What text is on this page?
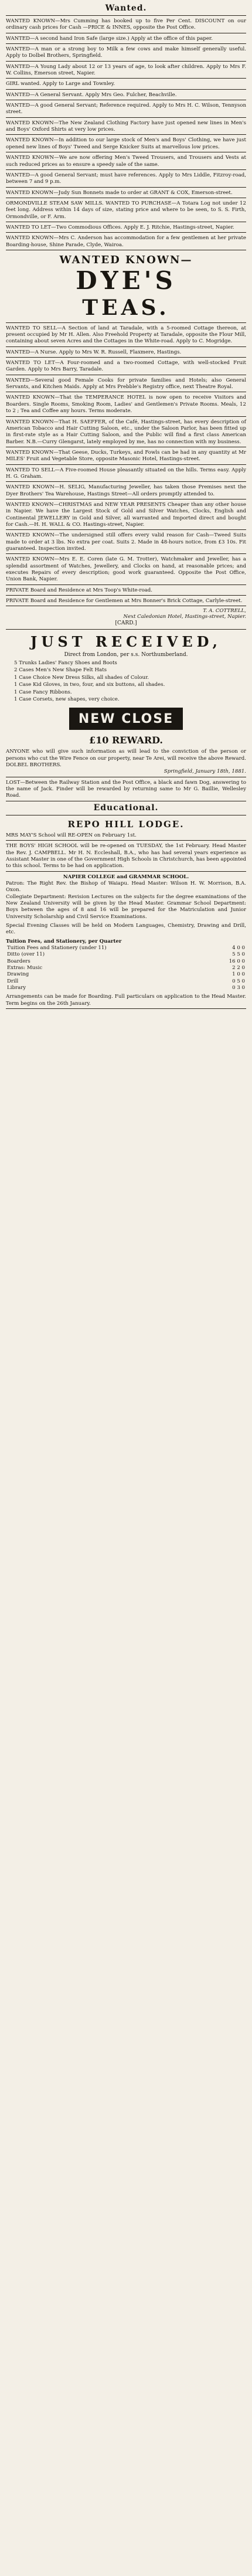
Wanted.
WANTED KNOWN—Mrs Cumming has booked up to five Per Cent. DISCOUNT on our ordinary cash prices for Cash —PRICE & INNES, opposite the Post Office.
WANTED—A second hand Iron Safe (large size.) Apply at the office of this paper.
WANTED—A man or a strong boy to Milk a few cows and make himself generally useful. Apply to Dolbel Brothers, Springfield.
WANTED—A Young Lady about 12 or 13 years of age, to look after children. Apply to Mrs F. W. Collins, Emerson street, Napier.
GIRL wanted. Apply to Large and Townley.
WANTED—A General Servant. Apply Mrs Geo. Fulcher, Beachville.
WANTED—A good General Servant; Reference required. Apply to Mrs H. C. Wilson, Tennyson street.
WANTED KNOWN—The New Zealand Clothing Factory have just opened new lines in Men's and Boys' Oxford Shirts at very low prices.
WANTED KNOWN—In addition to our large stock of Men's and Boys' Clothing, we have just opened new lines of Boys' Tweed and Serge Knicker Suits at marvellous low prices.
WANTED KNOWN—We are now offering Men's Tweed Trousers, and Trousers and Vests at such reduced prices as to ensure a speedy sale of the same.
WANTED—A good General Servant; must have references. Apply to Mrs Liddle, Fitzroy-road, between 7 and 9 p.m.
WANTED KNOWN—Judy Sun Bonnets made to order at GRANT & COX, Emerson-street.
ORMONDVILLE STEAM SAW MILLS. WANTED TO PURCHASE—A Totara Log not under 12 feet long. Address within 14 days of size, stating price and where to be seen, to S. S. Firth, Ormondville, or F. Arm.
WANTED TO LET—Two Commodious Offices. Apply E. J. Ritchie, Hastings-street, Napier.
WANTED KNOWN—Mrs C. Anderson has accommodation for a few gentlemen at her private Boarding-house, Shine Parade, Clyde, Wairoa.
WANTED KNOWN—
DYE'S
TEAS.
WANTED TO SELL—A Section of land at Taradale, with a 5-roomed Cottage thereon, at present occupied by Mr H. Allen. Also Freehold Property at Taradale, opposite the Flour Mill, containing about seven Acres and the Cottages in the White-road. Apply to C. Mogridge.
WANTED—A Nurse. Apply to Mrs W. R. Russell, Flaxmere, Hastings.
WANTED TO LET—A Four-roomed and a two-roomed Cottage, with well-stocked Fruit Garden. Apply to Mrs Barry, Taradale.
WANTED—Several good Female Cooks for private families and Hotels; also General Servants, and Kitchen Maids. Apply at Mrs Prebble's Registry office, next Theatre Royal.
WANTED KNOWN—That the TEMPERANCE HOTEL is now open to receive Visitors and Boarders. Single Rooms, Smoking Room, Ladies' and Gentlemen's Private Rooms. Meals, 12 to 2 ; Tea and Coffee any hours. Terms moderate.
WANTED KNOWN—That H. SAEFFER, of the Café, Hastings-street, has every description of American Tobacco and Hair Cutting Saloon, etc., under the Saloon Parlor, has been fitted up in first-rate style as a Hair Cutting Saloon, and the Public will find a first class American Barber. N.B.—Curry Glengarst, lately employed by me, has no connection with my business.
WANTED KNOWN—That Geese, Ducks, Turkeys, and Fowls can be had in any quantity at Mr MILES' Fruit and Vegetable Store, opposite Masonic Hotel, Hastings-street.
WANTED TO SELL—A Five-roomed House pleasantly situated on the hills. Terms easy. Apply H. G. Graham.
WANTED KNOWN—H. SELIG, Manufacturing Jeweller, has taken those Premises next the Dyer Brothers' Tea Warehouse, Hastings Street—All orders promptly attended to.
WANTED KNOWN—CHRISTMAS and NEW YEAR PRESENTS Cheaper than any other house in Napier. We have the Largest Stock of Gold and Silver Watches, Clocks, English and Continental JEWELLERY in Gold and Silver, all warranted and Imported direct and bought for Cash.—H. H. WALL & CO. Hastings-street, Napier.
WANTED KNOWN—The undersigned still offers every valid reason for Cash—Tweed Suits made to order at 3 lbs. No extra per coat. Suits 2. Made in 48-hours notice, from £3 10s. Fit guaranteed. Inspection invited.
WANTED KNOWN—Mrs E. E. Coren (late G. M. Trotter), Watchmaker and Jeweller, has a splendid assortment of Watches, Jewellery, and Clocks on hand, at reasonable prices; and executes Repairs of every description; good work guaranteed. Opposite the Post Office, Union Bank, Napier.
PRIVATE Board and Residence at Mrs Toop's White-road.
PRIVATE Board and Residence for Gentlemen at Mrs Bonner's Brick Cottage, Carlyle-street.
T. A. COTTRELL,
Next Caledonian Hotel, Hastings-street, Napier.
[CARD.]
JUST RECEIVED,
Direct from London, per s.s. Northumberland.
5 Trunks Ladies' Fancy Shoes and Boots
2 Cases Men's New Shape Felt Hats
1 Case Choice New Dress Silks, all shades of Colour.
1 Case Kid Gloves, in two, four, and six buttons, all shades.
1 Case Fancy Ribbons.
1 Case Corsets, new shapes, very choice.
NEW CLOSE
£10 REWARD.
ANYONE who will give such information as will lead to the conviction of the person or persons who cut the Wire Fence on our property, near Te Arei, will receive the above Reward. DOLBEL BROTHERS.
Springfield, January 18th, 1881.
LOST—Between the Railway Station and the Post Office, a black and fawn Dog, answering to the name of Jack. Finder will be rewarded by returning same to Mr G. Baillie, Wellesley Road.
Educational.
REPO HILL LODGE.
MRS MAY'S School will RE-OPEN on February 1st.
THE BOYS' HIGH SCHOOL will be re-opened on TUESDAY, the 1st February. Head Master the Rev. J. CAMPBELL. Mr H. N. Eccleshall, B.A., who has had several years experience as Assistant Master in one of the Government High Schools in Christchurch, has been appointed to this school. Terms to be had on application.
NAPIER COLLEGE and GRAMMAR SCHOOL.
Patron: The Right Rev. the Bishop of Waiapu. Head Master: Wilson H. W. Morrison, B.A. Oxon.
Collegiate Department: Revision Lectures on the subjects for the degree examinations of the New Zealand University will be given by the Head Master. Grammar School Department: Boys between the ages of 8 and 16 will be prepared for the Matriculation and Junior University Scholarship and Civil Service Examinations.
Special Evening Classes will be held on Modern Languages, Chemistry, Drawing and Drill, etc.
Tuition Fees, and Stationery, per Quarter
Tuition Fees and Stationery (under 11)	4 0 0
Ditto (over 11)	5 5 0
Boarders	16 0 0
Extras: Music	2 2 0
Drawing	1 0 0
Drill	0 5 0
Library	0 3 0
Arrangements can be made for Boarding. Full particulars on application to the Head Master. Term begins on the 26th January.
